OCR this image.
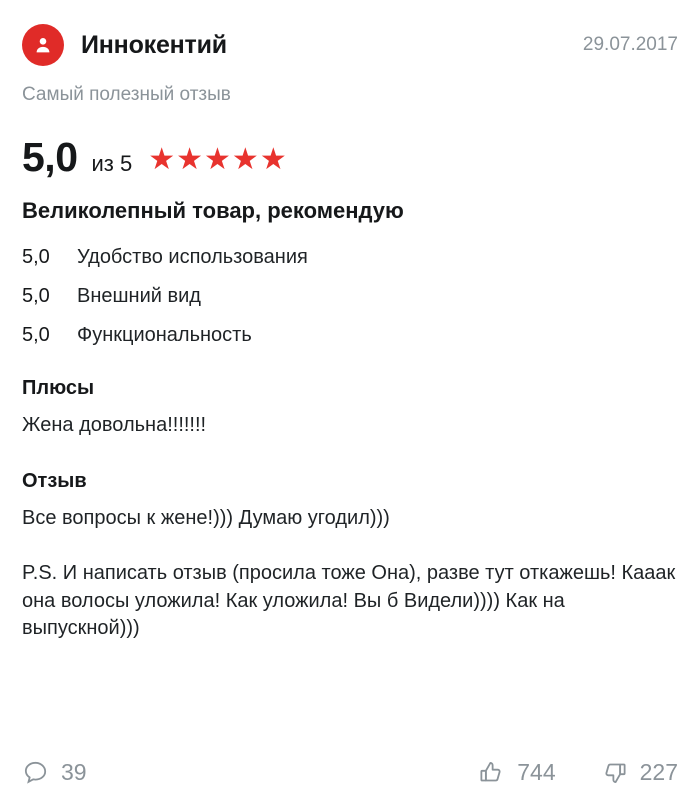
Иннокентий	29.07.2017
Самый полезный отзыв
5,0 из 5 ★★★★★
Великолепный товар, рекомендую
5,0	Удобство использования
5,0	Внешний вид
5,0	Функциональность
Плюсы
Жена довольна!!!!!!!
Отзыв
Все вопросы к жене!))) Думаю угодил)))
P.S. И написать отзыв (просила тоже Она), разве тут откажешь! Кааак она волосы уложила! Как уложила! Вы б Видели)))) Как на выпускной)))
39	744	227
